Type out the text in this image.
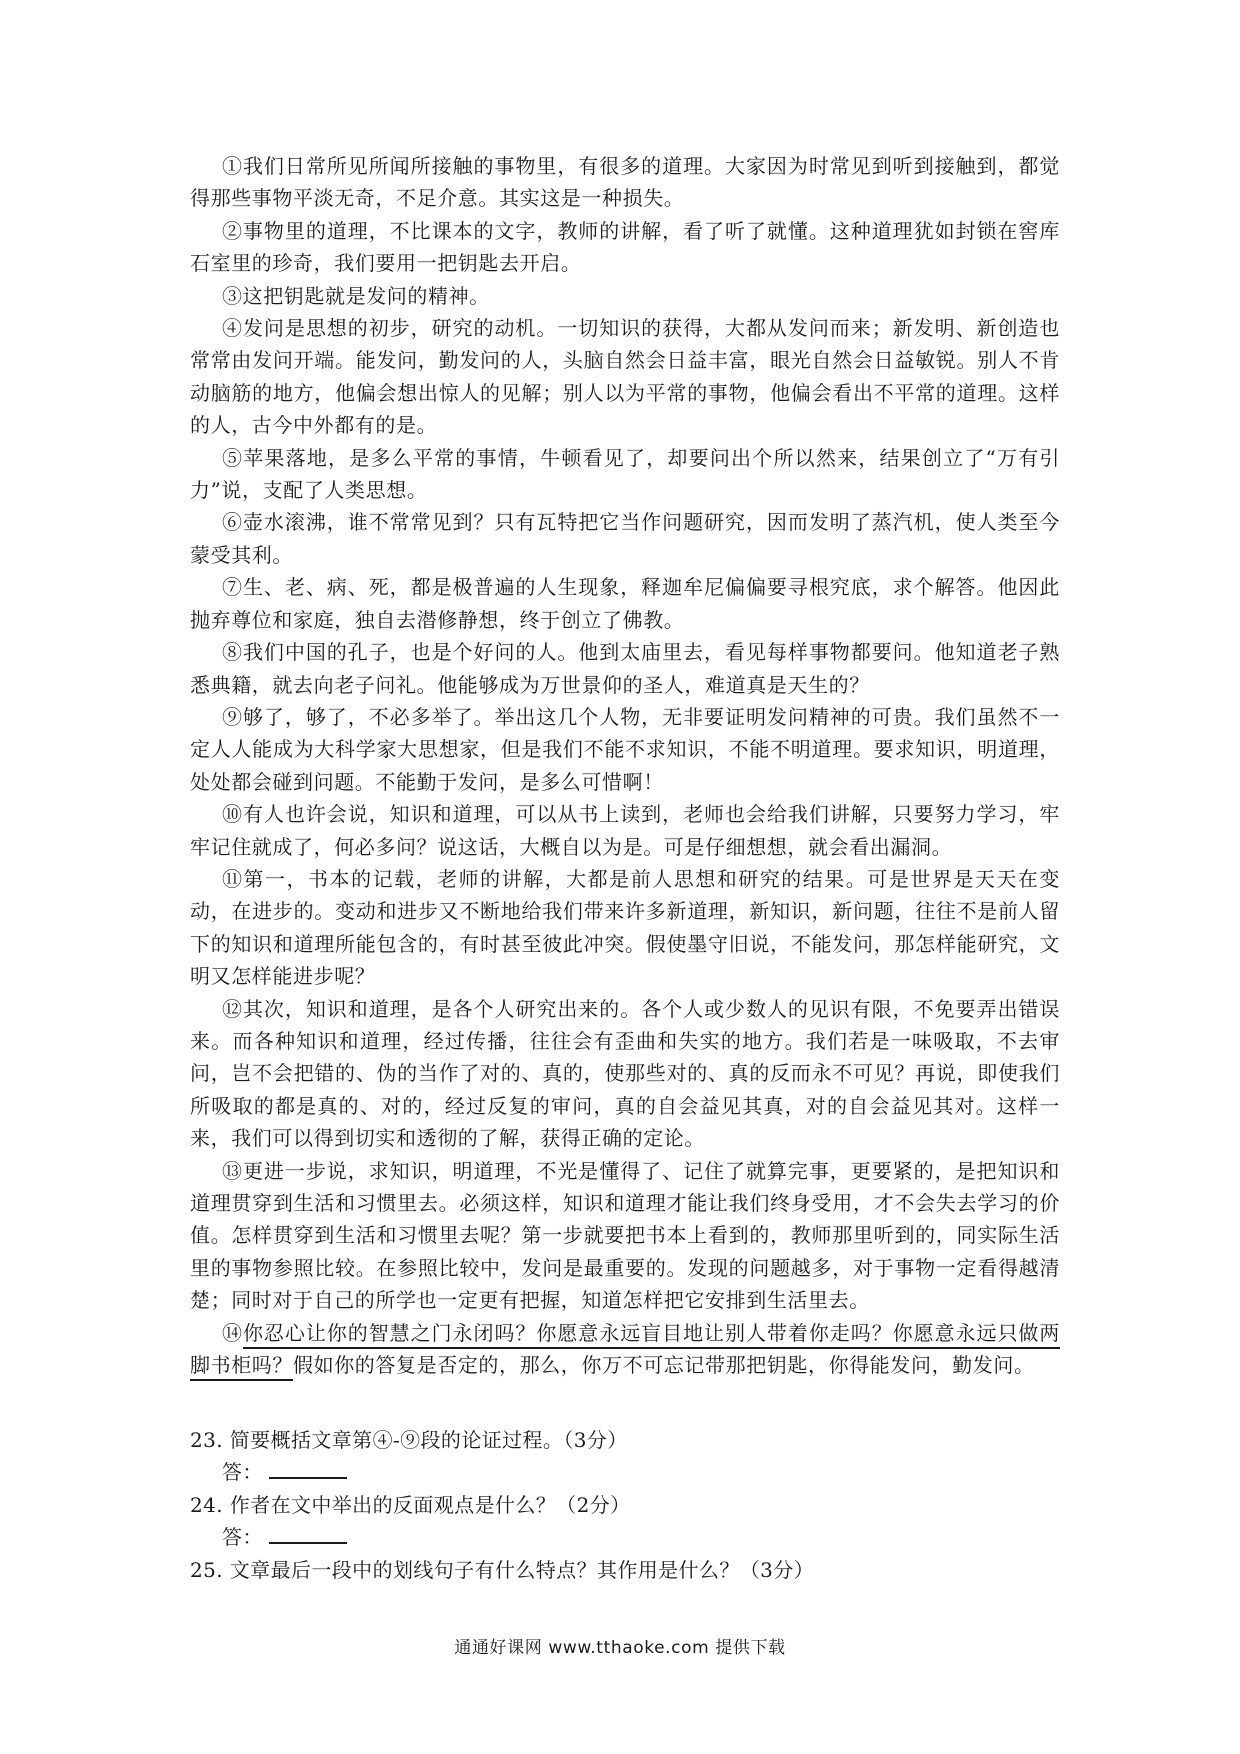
①我们日常所见所闻所接触的事物里，有很多的道理。大家因为时常见到听到接触到，都觉得那些事物平淡无奇，不足介意。其实这是一种损失。

②事物里的道理，不比课本的文字，教师的讲解，看了听了就懂。这种道理犹如封锁在窖库石室里的珍奇，我们要用一把钥匙去开启。

③这把钥匙就是发问的精神。

④发问是思想的初步，研究的动机。一切知识的获得，大都从发问而来；新发明、新创造也常常由发问开端。能发问，勤发问的人，头脑自然会日益丰富，眼光自然会日益敏锐。别人不肯动脑筋的地方，他偏会想出惊人的见解；别人以为平常的事物，他偏会看出不平常的道理。这样的人，古今中外都有的是。

⑤苹果落地，是多么平常的事情，牛顿看见了，却要问出个所以然来，结果创立了“万有引力”说，支配了人类思想。

⑥壶水滚沸，谁不常常见到？只有瓦特把它当作问题研究，因而发明了蒸汽机，使人类至今蒙受其利。

⑦生、老、病、死，都是极普遍的人生现象，释迦牟尼偏偏要寻根究底，求个解答。他因此抛弃尊位和家庭，独自去潜修静想，终于创立了佛教。

⑧我们中国的孔子，也是个好问的人。他到太庙里去，看见每样事物都要问。他知道老子熟悉典籍，就去向老子问礼。他能够成为万世景仰的圣人，难道真是天生的？

⑨够了，够了，不必多举了。举出这几个人物，无非要证明发问精神的可贵。我们虽然不一定人人能成为大科学家大思想家，但是我们不能不求知识，不能不明道理。要求知识，明道理，处处都会碰到问题。不能勤于发问，是多么可惜啊！

⑩有人也许会说，知识和道理，可以从书上读到，老师也会给我们讲解，只要努力学习，牢牢记住就成了，何必多问？说这话，大概自以为是。可是仔细想想，就会看出漏洞。

⑪第一，书本的记载，老师的讲解，大都是前人思想和研究的结果。可是世界是天天在变动，在进步的。变动和进步又不断地给我们带来许多新道理，新知识，新问题，往往不是前人留下的知识和道理所能包含的，有时甚至彼此冲突。假使墨守旧说，不能发问，那怎样能研究，文明又怎样能进步呢？

⑫其次，知识和道理，是各个人研究出来的。各个人或少数人的见识有限，不免要弄出错误来。而各种知识和道理，经过传播，往往会有歪曲和失实的地方。我们若是一味吸取，不去审问，岂不会把错的、伪的当作了对的、真的，使那些对的、真的反而永不可见？再说，即使我们所吸取的都是真的、对的，经过反复的审问，真的自会益见其真，对的自会益见其对。这样一来，我们可以得到切实和透彻的了解，获得正确的定论。

⑬更进一步说，求知识，明道理，不光是懂得了、记住了就算完事，更要紧的，是把知识和道理贯穿到生活和习惯里去。必须这样，知识和道理才能让我们终身受用，才不会失去学习的价值。怎样贯穿到生活和习惯里去呢？第一步就要把书本上看到的，教师那里听到的，同实际生活里的事物参照比较。在参照比较中，发问是最重要的。发现的问题越多，对于事物一定看得越清楚；同时对于自己的所学也一定更有把握，知道怎样把它安排到生活里去。

⑭你忍心让你的智慧之门永闭吗？你愿意永远盲目地让别人带着你走吗？你愿意永远只做两脚书柜吗？假如你的答复是否定的，那么，你万不可忘记带那把钥匙，你得能发问，勤发问。

23. 简要概括文章第④-⑨段的论证过程。（3分）

答：

24. 作者在文中举出的反面观点是什么？（2分）

答：

25. 文章最后一段中的划线句子有什么特点？其作用是什么？（3分）

通通好课网 www.tthaoke.com 提供下载
